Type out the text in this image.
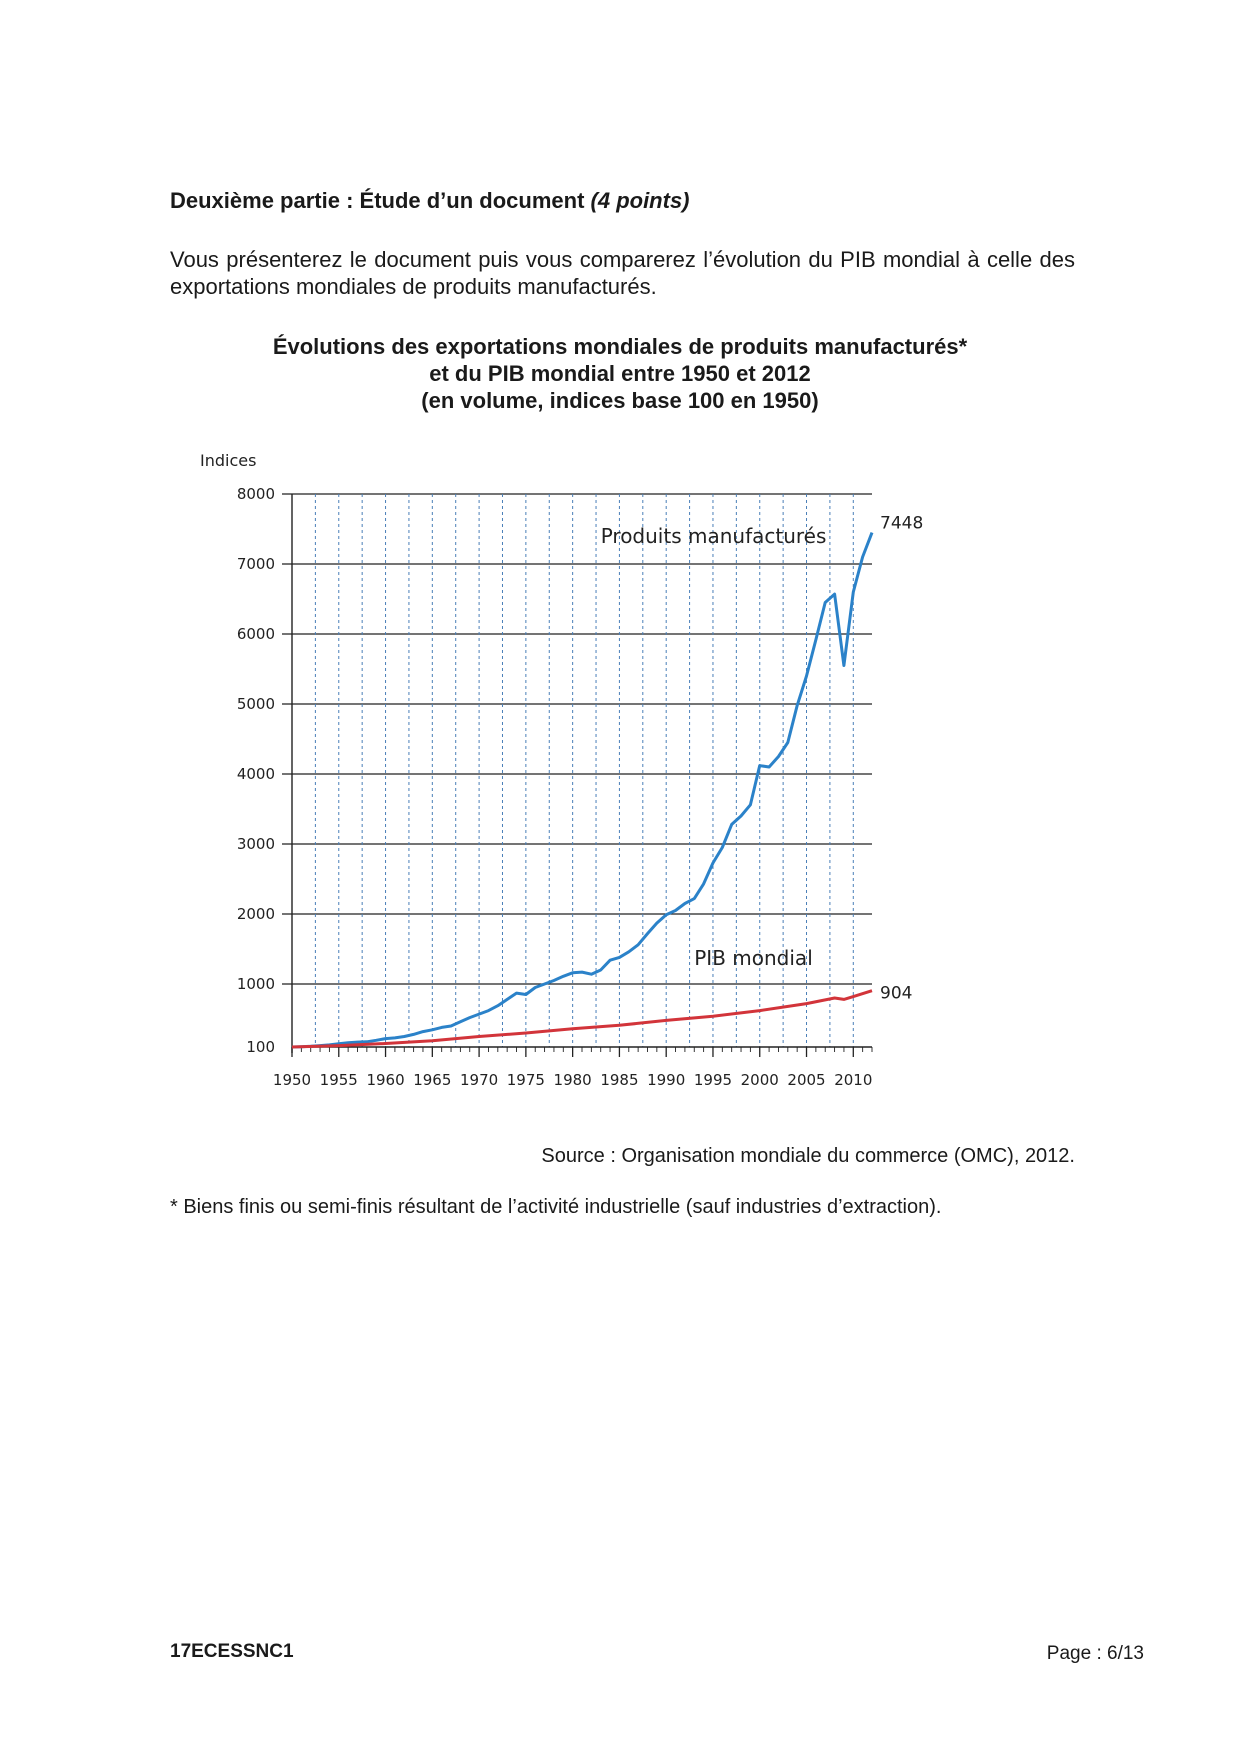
Deuxième partie : Étude d’un document (4 points)

Vous présenterez le document puis vous comparerez l’évolution du PIB mondial à celle des exportations mondiales de produits manufacturés.

Évolutions des exportations mondiales de produits manufacturés*
et du PIB mondial entre 1950 et 2012
(en volume, indices base 100 en 1950)
100
1000
2000
3000
4000
5000
6000
7000
8000
1950 1955 1960 1965 1970 1975 1980 1985 1990 1995 2000 2005 2010
Indices
Produits manufacturés
7448
PIB mondial
904

Source : Organisation mondiale du commerce (OMC), 2012.

* Biens finis ou semi-finis résultant de l’activité industrielle (sauf industries d’extraction).

17ECESSNC1	Page : 6/13
